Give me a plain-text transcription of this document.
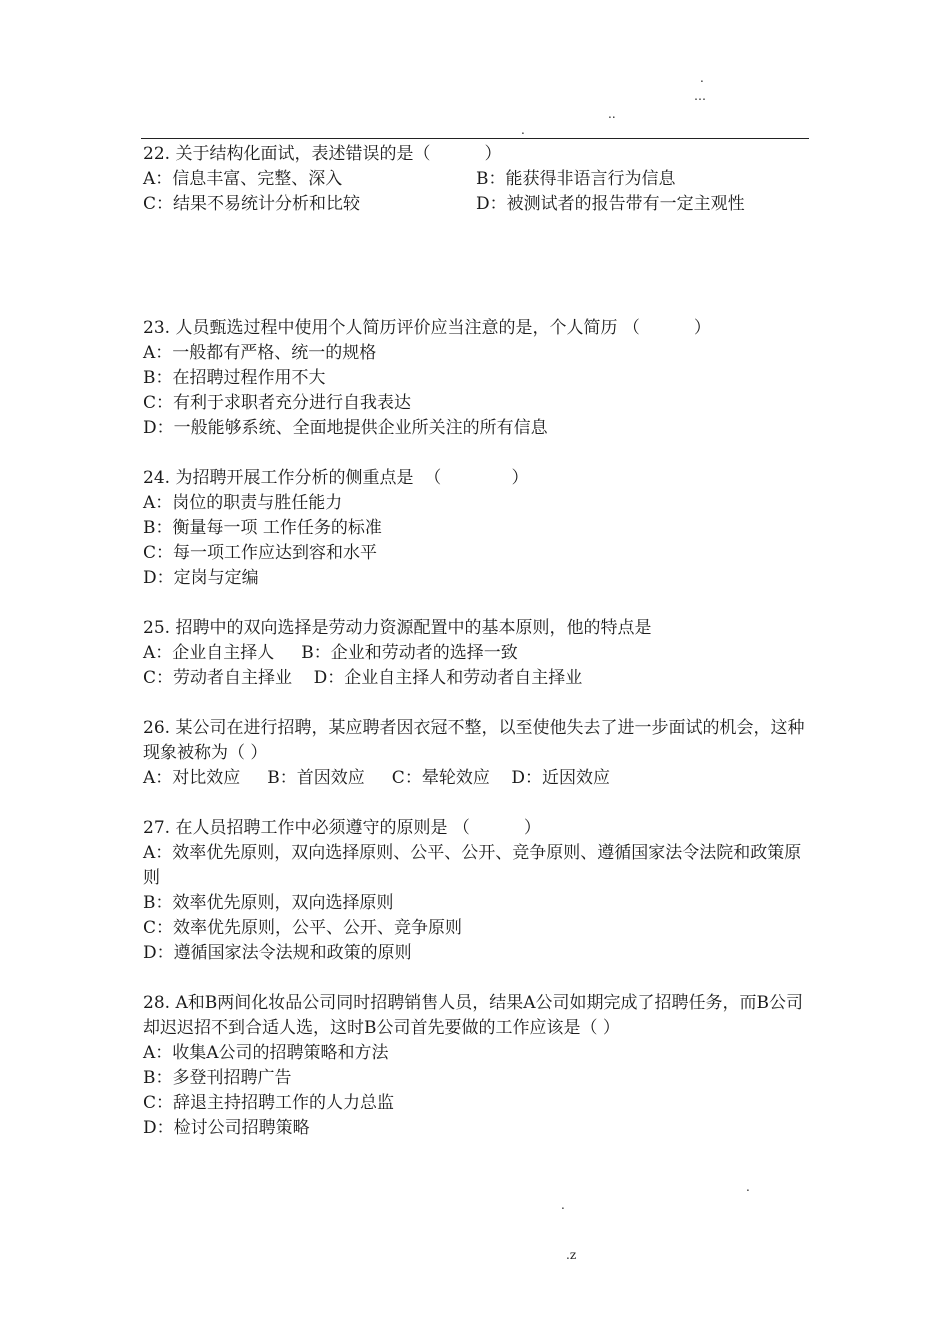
.
…
..
.
22. 关于结构化面试，表述错误的是（          ）
A：信息丰富、完整、深入	B：能获得非语言行为信息
C：结果不易统计分析和比较	D：被测试者的报告带有一定主观性
23. 人员甄选过程中使用个人简历评价应当注意的是，个人简历 （          ）
A：一般都有严格、统一的规格
B：在招聘过程作用不大
C：有利于求职者充分进行自我表达
D：一般能够系统、全面地提供企业所关注的所有信息
24. 为招聘开展工作分析的侧重点是  （             ）
A：岗位的职责与胜任能力
B：衡量每一项 工作任务的标准
C：每一项工作应达到容和水平
D：定岗与定编
25. 招聘中的双向选择是劳动力资源配置中的基本原则，他的特点是
A：企业自主择人     B：企业和劳动者的选择一致
C：劳动者自主择业    D：企业自主择人和劳动者自主择业
26. 某公司在进行招聘，某应聘者因衣冠不整，以至使他失去了进一步面试的机会，这种现象被称为（ ）
A：对比效应     B：首因效应     C：晕轮效应    D：近因效应
27. 在人员招聘工作中必须遵守的原则是 （          ）
A：效率优先原则，双向选择原则、公平、公开、竞争原则、遵循国家法令法院和政策原则
B：效率优先原则，双向选择原则
C：效率优先原则，公平、公开、竞争原则
D：遵循国家法令法规和政策的原则
28. A和B两间化妆品公司同时招聘销售人员，结果A公司如期完成了招聘任务，而B公司却迟迟招不到合适人选，这时B公司首先要做的工作应该是（ ）
A：收集A公司的招聘策略和方法
B：多登刊招聘广告
C：辞退主持招聘工作的人力总监
D：检讨公司招聘策略
.
.
.z
